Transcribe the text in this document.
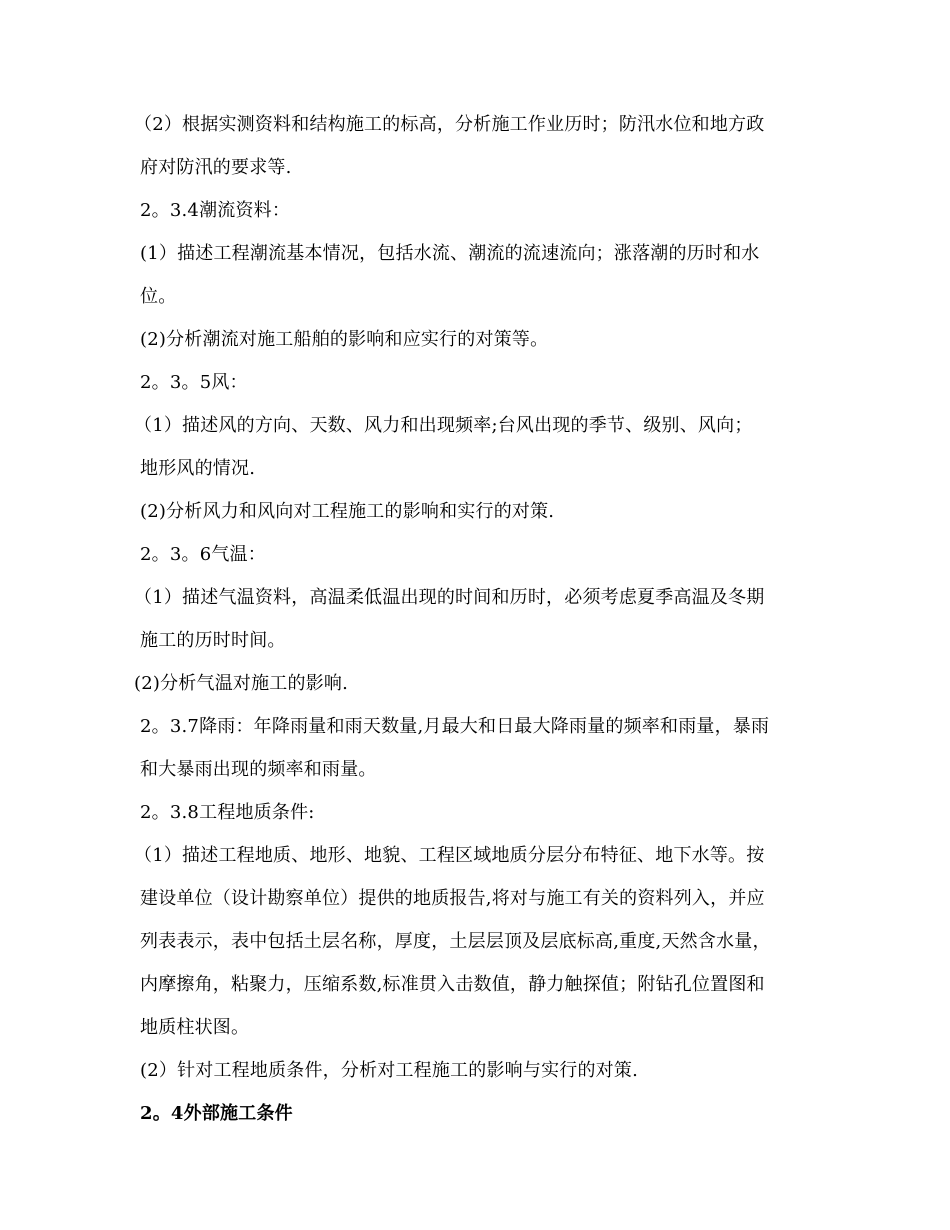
（2）根据实测资料和结构施工的标高，分析施工作业历时；防汛水位和地方政
府对防汛的要求等.
2。3.4潮流资料：
(1）描述工程潮流基本情况，包括水流、潮流的流速流向；涨落潮的历时和水
位。
(2)分析潮流对施工船舶的影响和应实行的对策等。
2。3。5风：
（1）描述风的方向、天数、风力和出现频率;台风出现的季节、级别、风向；
地形风的情况.
(2)分析风力和风向对工程施工的影响和实行的对策.
2。3。6气温：
（1）描述气温资料，高温柔低温出现的时间和历时，必须考虑夏季高温及冬期
施工的历时时间。
(2)分析气温对施工的影响.
2。3.7降雨：年降雨量和雨天数量,月最大和日最大降雨量的频率和雨量，暴雨
和大暴雨出现的频率和雨量。
2。3.8工程地质条件:
（1）描述工程地质、地形、地貌、工程区域地质分层分布特征、地下水等。按
建设单位（设计勘察单位）提供的地质报告,将对与施工有关的资料列入，并应
列表表示，表中包括土层名称，厚度，土层层顶及层底标高,重度,天然含水量，
内摩擦角，粘聚力，压缩系数,标准贯入击数值，静力触探值；附钻孔位置图和
地质柱状图。
(2）针对工程地质条件，分析对工程施工的影响与实行的对策.
2。4外部施工条件
